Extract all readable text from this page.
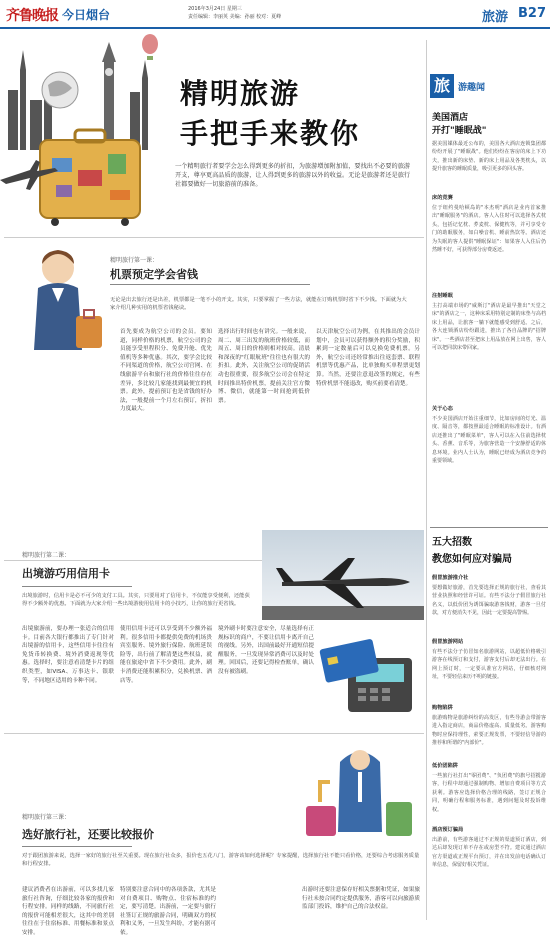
齐鲁晚报 今日烟台	2016年3月24日 星期三
责任编辑：李丽英 美编：孙丽 校对：夏峰	旅游 B27
精明旅游
手把手来教你
一个精明旅行者要学会怎么得到更多的折扣，为旅游增加附加值，要找出不必要的旅游开支，尊享更高品质的旅游，让人得到更多的旅游以外的收益。无论是旅游者还是旅行社都要做好一切旅游前的准备。
精明旅行第一课：
机票预定学会省钱
无论是出去旅行还是出差，机票都是一笔不小的开支。其实，只要掌握了一些方法，就能在订购机票时省下不少钱。下面就为大家介绍几种实用的机票省钱秘诀。
首先要成为航空公司的会员。要知道，同样价格的机票，航空公司的会员能享受里程积分、免费升舱、优先值机等多种优惠。其次，要学会比较不同渠道的价格，航空公司官网、在线旅游平台和旅行社的价格往往存在差异，多比较几家能找到最便宜的机票。此外，提前预订也是省钱的好办法，一般提前一个月左右预订，折扣力度最大。
选择出行时间也有讲究。一般来说，周二、周三出发的航班价格较低，而周五、周日的价格则相对较高。清晨和深夜的"红眼航班"往往也有很大的折扣。此外，关注航空公司的促销活动也很重要，很多航空公司会在特定时间推出特价机票，提前关注官方微博、微信，就能第一时间抢到低价票。
以天津航空公司为例，在其推出的会员计划中，会员可以获得额外的积分奖励，积累到一定数量后可以兑换免费机票。另外，航空公司还经常推出往返套票、联程机票等优惠产品，比单独购买单程票更划算。当然，还要注意退改签的规定，有些特价机票不能退改，购买前要看清楚。
精明旅行第二课：
出境游巧用信用卡
出境旅游时，信用卡是必不可少的支付工具。其实，只要用对了信用卡，不仅能享受便利，还能获得不少额外的优惠。下面就为大家介绍一些出境游使用信用卡的小技巧，让你的旅行更省钱。
出境旅游前，要办理一张适合的信用卡。目前各大银行都推出了专门针对出境游的信用卡，这些信用卡往往有免货币转换费、境外消费返现等优惠。选择时，要注意看清楚卡片的组织类型，如VISA、万事达卡、银联等，不同地区适用的卡种不同。
使用信用卡还可以享受到不少额外福利。很多信用卡都提供免费的机场贵宾室服务、境外旅行保险、航班延误险等，出行前了解清楚这些权益，就能在旅途中省下不少费用。此外，刷卡消费还能积累积分，兑换机票、酒店等。
境外刷卡时要注意安全，尽量选择有正规标识的商户，不要让信用卡离开自己的视线。另外，出国前最好开通短信提醒服务，一旦发现异常消费可以及时处理。回国后，还要记得检查账单，确认没有被盗刷。
精明旅行第三课：
选好旅行社，还要比较报价
对于跟团旅游来说，选择一家好的旅行社至关重要。现在旅行社众多，报价也五花八门，游客该如何选择呢？专家提醒，选择旅行社不能只看价格，还要综合考虑服务质量和行程安排。
建议消费者在出游前，可以多找几家旅行社咨询，仔细比较各家的报价和行程安排。同样的线路，不同旅行社的报价可能相差很大，这其中的差别往往在于住宿标准、用餐标准和景点安排。
特别要注意合同中的各项条款，尤其是对自费项目、购物点、住宿标准的约定，要写清楚。出游前，一定要与旅行社签订正规的旅游合同，明确双方的权利和义务，一旦发生纠纷，才能有据可依。
出游时还要注意保存好相关票据和凭证，如果旅行社未按合同约定提供服务，游客可以向旅游质监部门投诉，维护自己的合法权益。
旅 游趣闻
美国酒店
开打"睡眠战"
据美国媒体最近公布的，美国各大酒店连锁集团都纷纷开展了"睡眠战"。他们纷纷在客房的床上下功夫，推出新的床垫、新的床上用品及各类枕头，以提升旅客的睡眠质量，吸引更多的回头客。
床的竞赛
位于纽约曼哈顿岛的"本杰明"酒店是业内首家推出"睡眠服务"的酒店。客人入住时可以选择各式枕头，包括记忆枕、荞麦枕、保健枕等，并可享受专门的助眠服务，如白噪音机、睡前热饮等。酒店还为失眠的客人提供"睡眠保证"：如果客人入住后仍然睡不好，可获得部分房费返还。
注射睡眠
主打高端市场的"威斯汀"酒店是最早推出"天堂之床"的酒店之一，这种床采用特别定制的床垫与高档床上用品，让旅客一躺下就能感受到舒适。之后，各大连锁酒店纷纷跟进，推出了各自品牌的"招牌床"。一些酒店甚至把床上用品放在网上出售，客人可以把同款床带回家。
关于心态
不少美国酒店开始注重细节，比如房间的灯光、温度、隔音等，都按照最适合睡眠的标准设计。有酒店还推出了"睡眠菜单"，客人可以在入住前选择枕头、香薰、音乐等，为旅客营造一个安静舒适的休息环境。业内人士认为，睡眠已经成为酒店竞争的重要领域。
五大招数
教您如何应对骗局
假冒旅游推介社
要想做好旅游，首先要选择正规的旅行社，查看其营业执照和经营许可证。有些不法分子假冒旅行社名义，以低价团为诱饵骗取游客钱财，游客一旦付款，对方便消失不见，因此一定要提高警惕。
假冒旅游网站
有些不法分子仿冒知名旅游网站，以超低价格吸引游客在线预订和支付，游客支付后却无法出行。在网上预订时，一定要认准官方网站，仔细核对网址，不要轻信来历不明的链接。
购物陷阱
旅游购物是旅游纠纷的高发区，有些导游会带游客进入指定商店，商品价格虚高、质量低劣。游客购物时应保持理性，索要正规发票，不要轻信导游的推荐和所谓的"内部价"。
低价团陷阱
一些旅行社打出"零团费"、"负团费"的旗号招揽游客，行程中却通过强制购物、增加自费项目等方式获利。游客应选择价格合理的线路，签订正规合同，明确行程和服务标准，遇到问题及时投诉维权。
酒店预订骗局
出游前，有些游客通过不正规的渠道预订酒店，到达后却发现订单不存在或房型不符。建议通过酒店官方渠道或正规平台预订，并在出发前电话确认订单信息，保留好相关凭证。
